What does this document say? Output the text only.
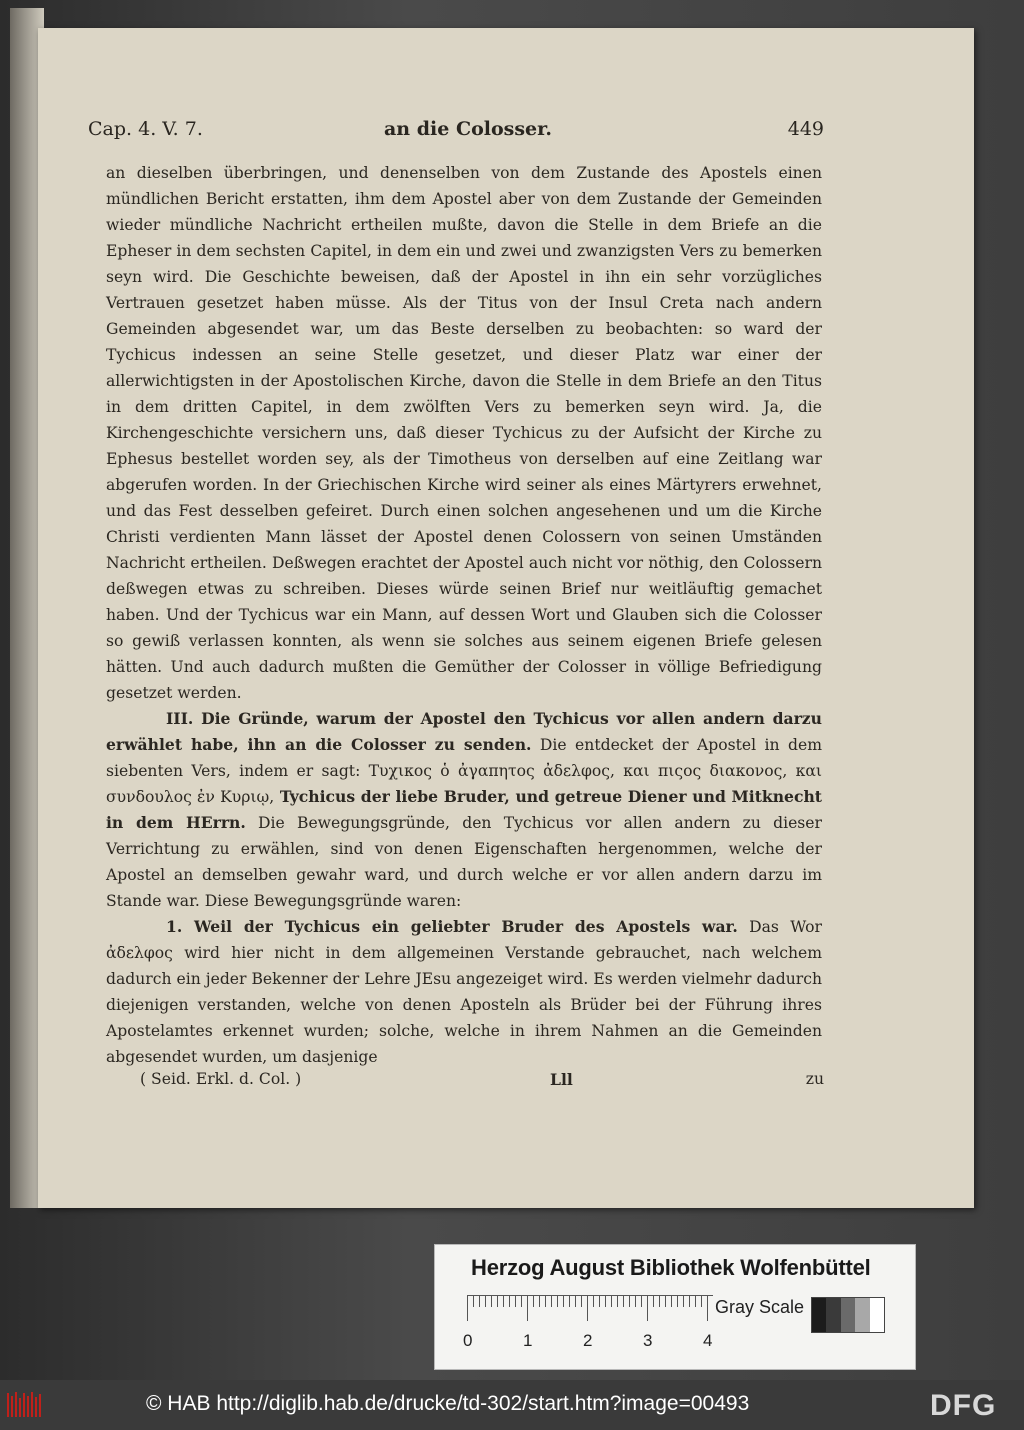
Cap. 4. V. 7.	an die Colosser.	449

an dieselben überbringen, und denenselben von dem Zustande des Apostels einen mündlichen Bericht erstatten, ihm dem Apostel aber von dem Zustande der Gemeinden wieder mündliche Nachricht ertheilen mußte, davon die Stelle in dem Briefe an die Epheser in dem sechsten Capitel, in dem ein und zwei und zwanzigsten Vers zu bemerken seyn wird. Die Geschichte beweisen, daß der Apostel in ihn ein sehr vorzügliches Vertrauen gesetzet haben müsse. Als der Titus von der Insul Creta nach andern Gemeinden abgesendet war, um das Beste derselben zu beobachten: so ward der Tychicus indessen an seine Stelle gesetzet, und dieser Platz war einer der allerwichtigsten in der Apostolischen Kirche, davon die Stelle in dem Briefe an den Titus in dem dritten Capitel, in dem zwölften Vers zu bemerken seyn wird. Ja, die Kirchengeschichte versichern uns, daß dieser Tychicus zu der Aufsicht der Kirche zu Ephesus bestellet worden sey, als der Timotheus von derselben auf eine Zeitlang war abgerufen worden. In der Griechischen Kirche wird seiner als eines Märtyrers erwehnet, und das Fest desselben gefeiret. Durch einen solchen angesehenen und um die Kirche Christi verdienten Mann lässet der Apostel denen Colossern von seinen Umständen Nachricht ertheilen. Deßwegen erachtet der Apostel auch nicht vor nöthig, den Colossern deßwegen etwas zu schreiben. Dieses würde seinen Brief nur weitläuftig gemachet haben. Und der Tychicus war ein Mann, auf dessen Wort und Glauben sich die Colosser so gewiß verlassen konnten, als wenn sie solches aus seinem eigenen Briefe gelesen hätten. Und auch dadurch mußten die Gemüther der Colosser in völlige Befriedigung gesetzet werden.

III. Die Gründe, warum der Apostel den Tychicus vor allen andern darzu erwählet habe, ihn an die Colosser zu senden. Die entdecket der Apostel in dem siebenten Vers, indem er sagt: Τυχικος ὁ ἀγαπητος ἀδελφος, και πιςος διακονος, και συνδουλος ἐν Κυριῳ, Tychicus der liebe Bruder, und getreue Diener und Mitknecht in dem HErrn. Die Bewegungsgründe, den Tychicus vor allen andern zu dieser Verrichtung zu erwählen, sind von denen Eigenschaften hergenommen, welche der Apostel an demselben gewahr ward, und durch welche er vor allen andern darzu im Stande war. Diese Bewegungsgründe waren:

1. Weil der Tychicus ein geliebter Bruder des Apostels war. Das Wor ἀδελφος wird hier nicht in dem allgemeinen Verstande gebrauchet, nach welchem dadurch ein jeder Bekenner der Lehre JEsu angezeiget wird. Es werden vielmehr dadurch diejenigen verstanden, welche von denen Aposteln als Brüder bei der Führung ihres Apostelamtes erkennet wurden; solche, welche in ihrem Nahmen an die Gemeinden abgesendet wurden, um dasjenige

( Seid. Erkl. d. Col. )	Lll	zu
Herzog August Bibliothek Wolfenbüttel
0	1	2	3	4
Gray Scale
© HAB http://diglib.hab.de/drucke/td-302/start.htm?image=00493	DFG
